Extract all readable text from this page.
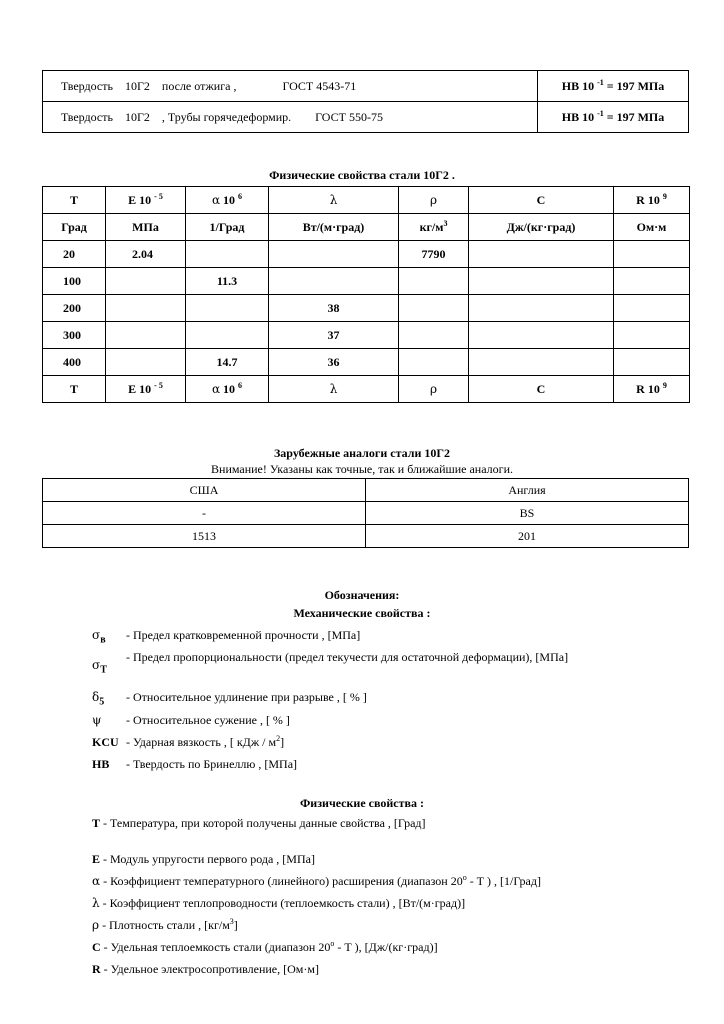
Твердость 10Г2 после отжига , ГОСТ 4543-71	НВ 10 $^{-1}$ = 197 МПа
Твердость 10Г2 , Трубы горячедеформир. ГОСТ 550-75	НВ 10 $^{-1}$ = 197 МПа
Физические свойства стали 10Г2 .
T	E 10 $^{- 5}$	α 10 $^6$	λ	ρ	C	R 10 $^9$
Град	МПа	1/Град	Вт/(м·град)	$кг/м^3$	Дж/(кг·град)	Ом·м
20	2.04			7790		
100		11.3				
200			38			
300			37			
400		14.7	36			
T	E 10 $^{- 5}$	α 10 $^6$	λ	ρ	C	R 10 $^9$
Зарубежные аналоги стали 10Г2
Внимание! Указаны как точные, так и ближайшие аналоги.
США	Англия
-	BS
1513	201
Обозначения:
Механические свойства :
$\sigma_в$ - Предел кратковременной прочности , [МПа]
$\sigma_T$
- Предел пропорциональности (предел текучести для остаточной деформации), [МПа]
$\delta_5$ - Относительное удлинение при разрыве , [ % ]
ψ - Относительное сужение , [ % ]
KCU - Ударная вязкость , [ кДж / $м^2$]
HB - Твердость по Бринеллю , [МПа]
Физические свойства :
T - Температура, при которой получены данные свойства , [Град]
E - Модуль упругости первого рода , [МПа]
α - Коэффициент температурного (линейного) расширения (диапазон 20$^o$ - Т ) , [1/Град]
λ - Коэффициент теплопроводности (теплоемкость стали) , [Вт/(м·град)]
ρ - Плотность стали , $[кг/м^3]$
C - Удельная теплоемкость стали (диапазон 20$^o$ - Т ), [Дж/(кг·град)]
R - Удельное электросопротивление, [Ом·м]
